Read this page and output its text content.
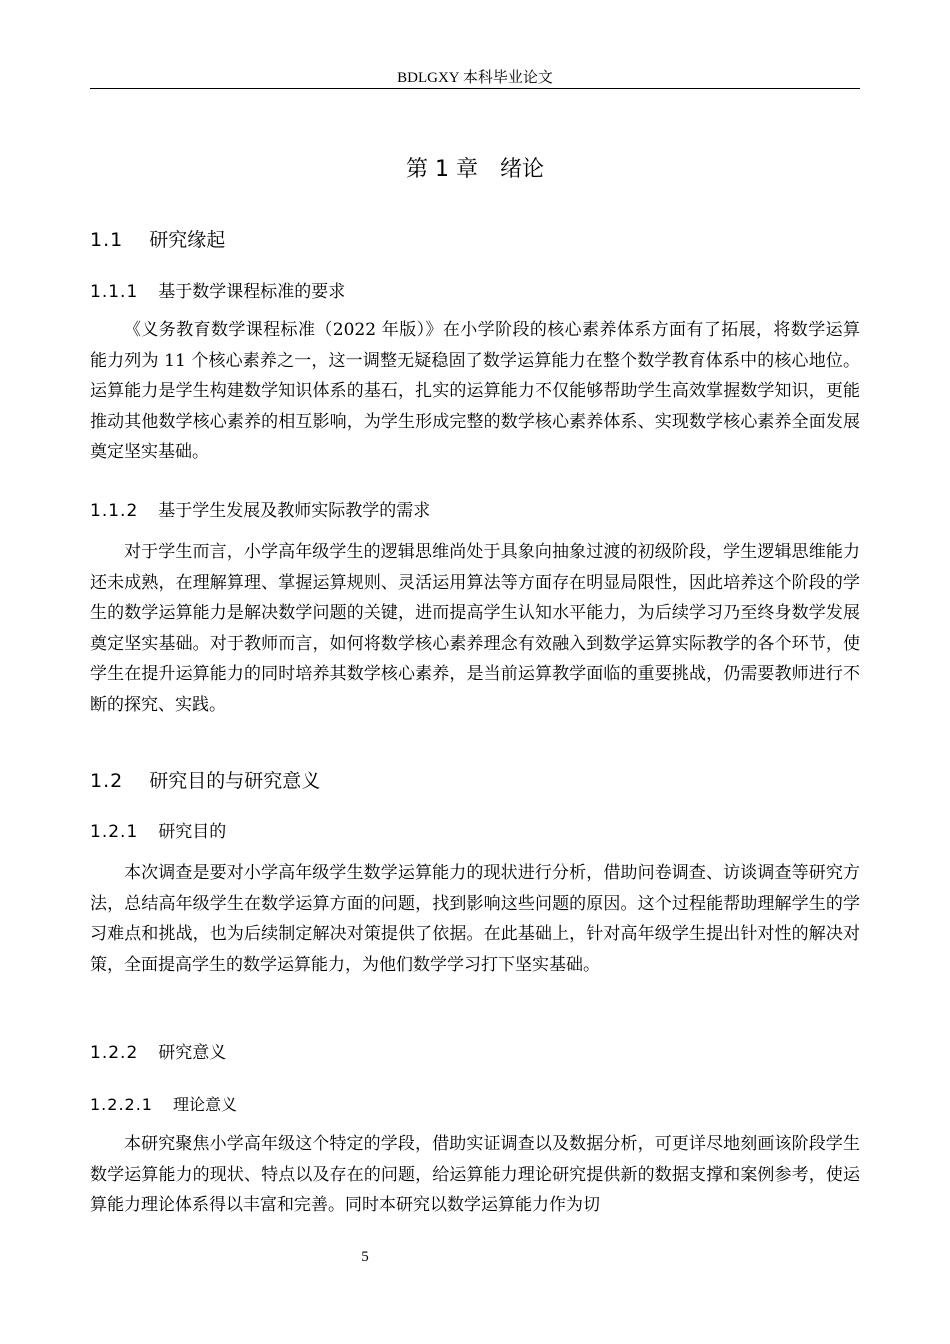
BDLGXY 本科毕业论文
第 1 章　绪论
1.1 研究缘起
1.1.1 基于数学课程标准的要求

《义务教育数学课程标准（2022 年版）》在小学阶段的核心素养体系方面有了拓展，将数学运算能力列为 11 个核心素养之一，这一调整无疑稳固了数学运算能力在整个数学教育体系中的核心地位。运算能力是学生构建数学知识体系的基石，扎实的运算能力不仅能够帮助学生高效掌握数学知识，更能推动其他数学核心素养的相互影响，为学生形成完整的数学核心素养体系、实现数学核心素养全面发展奠定坚实基础。

1.1.2 基于学生发展及教师实际教学的需求

对于学生而言，小学高年级学生的逻辑思维尚处于具象向抽象过渡的初级阶段，学生逻辑思维能力还未成熟，在理解算理、掌握运算规则、灵活运用算法等方面存在明显局限性，因此培养这个阶段的学生的数学运算能力是解决数学问题的关键，进而提高学生认知水平能力，为后续学习乃至终身数学发展奠定坚实基础。对于教师而言，如何将数学核心素养理念有效融入到数学运算实际教学的各个环节，使学生在提升运算能力的同时培养其数学核心素养，是当前运算教学面临的重要挑战，仍需要教师进行不断的探究、实践。

1.2 研究目的与研究意义
1.2.1 研究目的

本次调查是要对小学高年级学生数学运算能力的现状进行分析，借助问卷调查、访谈调查等研究方法，总结高年级学生在数学运算方面的问题，找到影响这些问题的原因。这个过程能帮助理解学生的学习难点和挑战，也为后续制定解决对策提供了依据。在此基础上，针对高年级学生提出针对性的解决对策，全面提高学生的数学运算能力，为他们数学学习打下坚实基础。

1.2.2 研究意义
1.2.2.1 理论意义

本研究聚焦小学高年级这个特定的学段，借助实证调查以及数据分析，可更详尽地刻画该阶段学生数学运算能力的现状、特点以及存在的问题，给运算能力理论研究提供新的数据支撑和案例参考，使运算能力理论体系得以丰富和完善。同时本研究以数学运算能力作为切

5
